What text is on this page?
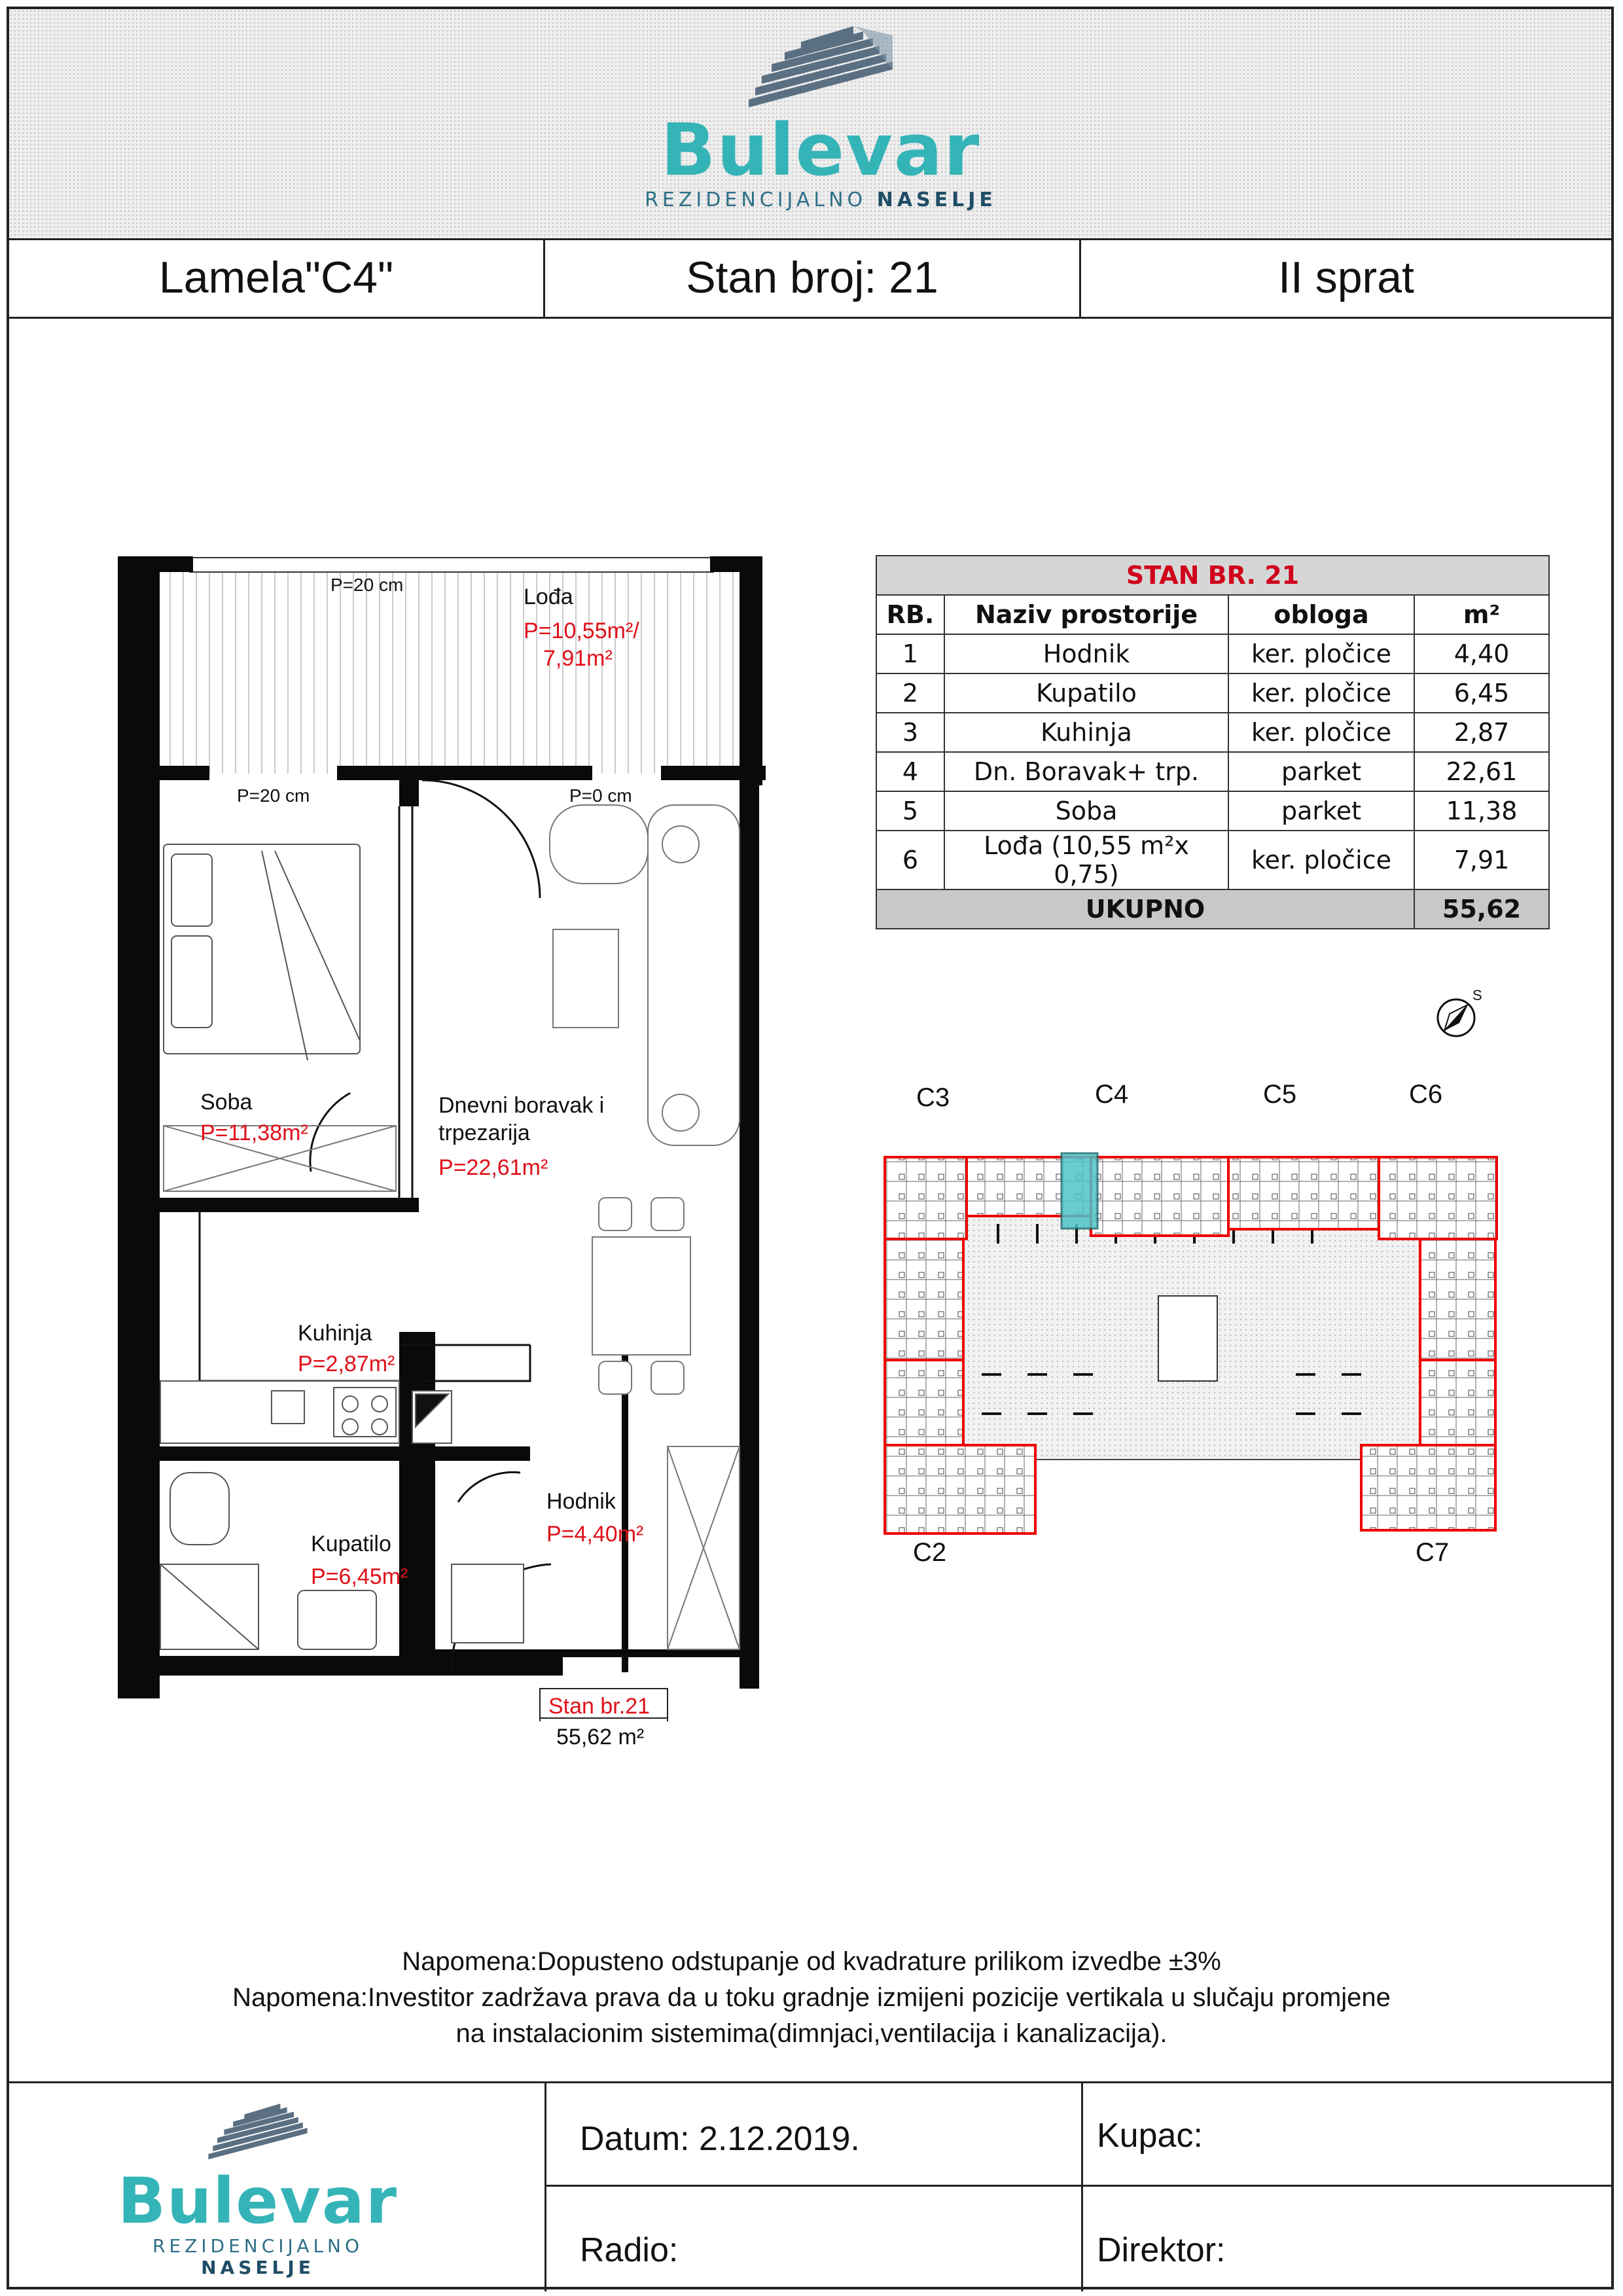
Bulevar
REZIDENCIJALNO NASELJE
Lamela"C4"	Stan broj: 21	II sprat
P=20 cm	Lođa
P=10,55m²/
7,91m²
P=20 cm	P=0 cm
Soba
P=11,38m²
Dnevni boravak i
trpezarija
P=22,61m²
Kuhinja
P=2,87m²
Hodnik
P=4,40m²
Kupatilo
P=6,45m²
Stan br.21
55,62 m²
STAN BR. 21			
RB.	Naziv prostorije	obloga	m²
1	Hodnik	ker. pločice	4,40
2	Kupatilo	ker. pločice	6,45
3	Kuhinja	ker. pločice	2,87
4	Dn. Boravak+ trp.	parket	22,61
5	Soba	parket	11,38
6	Lođa (10,55 m²x 0,75)	ker. pločice	7,91
UKUPNO			55,62
S
C3	C4	C5	C6
C2	C7
Napomena:Dopusteno odstupanje od kvadrature prilikom izvedbe ±3%
Napomena:Investitor zadržava prava da u toku gradnje izmijeni pozicije vertikala u slučaju promjene
na instalacionim sistemima(dimnjaci,ventilacija i kanalizacija).
Bulevar
REZIDENCIJALNO NASELJE
Datum: 2.12.2019.	Kupac:
Radio:	Direktor:
